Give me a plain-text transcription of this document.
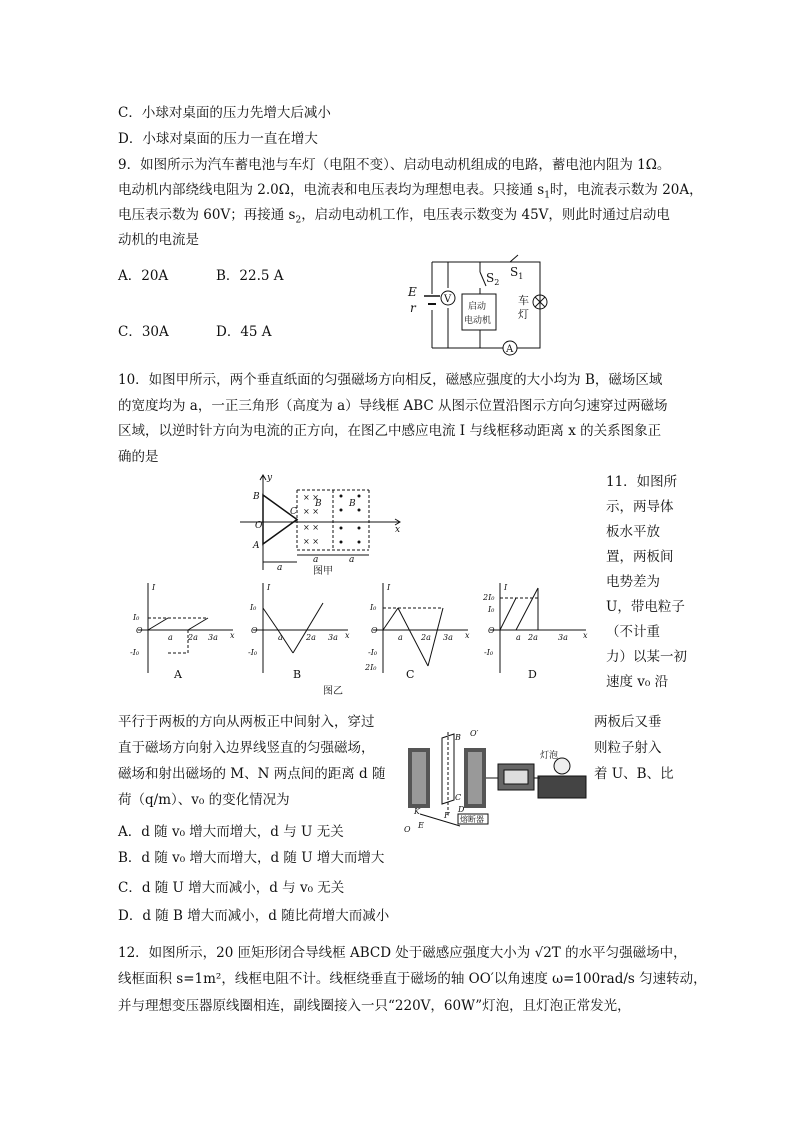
C．小球对桌面的压力先增大后减小
D．小球对桌面的压力一直在增大
9．如图所示为汽车蓄电池与车灯（电阻不变）、启动电动机组成的电路，蓄电池内阻为 1Ω。
电动机内部绕线电阻为 2.0Ω，电流表和电压表均为理想电表。只接通 $s_1$时，电流表示数为 20A，
电压表示数为 60V；再接通 $s_2$，启动电动机工作，电压表示数变为 45V，则此时通过启动电
动机的电流是
A．20A	B．22.5 A
C．30A	D．45 A
E
r
V
A
$S_1$
$S_2$
车
灯
启动
电动机
10．如图甲所示，两个垂直纸面的匀强磁场方向相反，磁感应强度的大小均为 B，磁场区域
的宽度均为 a，一正三角形（高度为 a）导线框 ABC 从图示位置沿图示方向匀速穿过两磁场
区域，以逆时针方向为电流的正方向，在图乙中感应电流 I 与线框移动距离 x 的关系图象正
确的是
× ×
× ×
× ×
× ×
B
A
C
O
y
x
B	B
a
a	a
图甲
I₀
O
-I₀
I
a 2a 3a x
I₀
O
-I₀
I
a	2a 3a x
I₀
O
-I₀
2I₀
I
a 2a 3a x
2I₀
I₀
O
-I₀
I
a 2a	3a x
A	B	C	D
图乙
11．如图所
示，两导体
板水平放
置，两板间
电势差为
U，带电粒子
（不计重
力）以某一初
速度 v₀ 沿
平行于两板的方向从两板正中间射入，穿过	两板后又垂
直于磁场方向射入边界线竖直的匀强磁场，	则粒子射入
磁场和射出磁场的 M、N 两点间的距离 d 随	着 U、B、比
荷（q/m）、v₀ 的变化情况为
A．d 随 v₀ 增大而增大，d 与 U 无关
B．d 随 v₀ 增大而增大，d 随 U 增大而增大
C．d 随 U 增大而减小，d 与 v₀ 无关
D．d 随 B 增大而减小，d 随比荷增大而减小
B O′
C
D
K
E
O
F
灯泡
熔断器
12．如图所示，20 匝矩形闭合导线框 ABCD 处于磁感应强度大小为 √2T 的水平匀强磁场中，
线框面积 s=1m²，线框电阻不计。线框绕垂直于磁场的轴 OO′以角速度 ω=100rad/s 匀速转动，
并与理想变压器原线圈相连，副线圈接入一只“220V，60W”灯泡，且灯泡正常发光，
